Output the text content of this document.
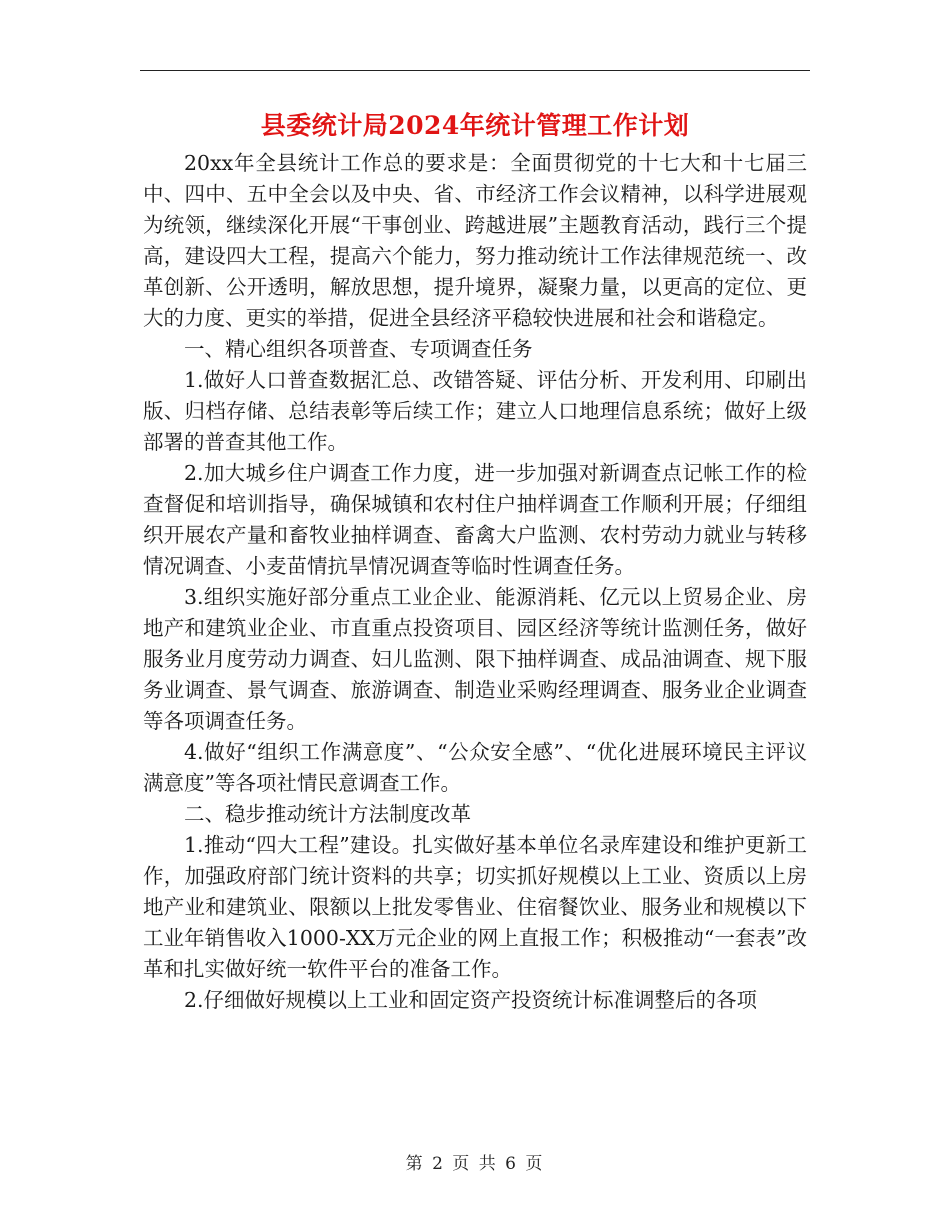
县委统计局2024年统计管理工作计划

20xx年全县统计工作总的要求是：全面贯彻党的十七大和十七届三中、四中、五中全会以及中央、省、市经济工作会议精神，以科学进展观为统领，继续深化开展“干事创业、跨越进展”主题教育活动，践行三个提高，建设四大工程，提高六个能力，努力推动统计工作法律规范统一、改革创新、公开透明，解放思想，提升境界，凝聚力量，以更高的定位、更大的力度、更实的举措，促进全县经济平稳较快进展和社会和谐稳定。

一、精心组织各项普查、专项调查任务

1.做好人口普查数据汇总、改错答疑、评估分析、开发利用、印刷出版、归档存储、总结表彰等后续工作；建立人口地理信息系统；做好上级部署的普查其他工作。

2.加大城乡住户调查工作力度，进一步加强对新调查点记帐工作的检查督促和培训指导，确保城镇和农村住户抽样调查工作顺利开展；仔细组织开展农产量和畜牧业抽样调查、畜禽大户监测、农村劳动力就业与转移情况调查、小麦苗情抗旱情况调查等临时性调查任务。

3.组织实施好部分重点工业企业、能源消耗、亿元以上贸易企业、房地产和建筑业企业、市直重点投资项目、园区经济等统计监测任务，做好服务业月度劳动力调查、妇儿监测、限下抽样调查、成品油调查、规下服务业调查、景气调查、旅游调查、制造业采购经理调查、服务业企业调查等各项调查任务。

4.做好“组织工作满意度”、“公众安全感”、“优化进展环境民主评议满意度”等各项社情民意调查工作。

二、稳步推动统计方法制度改革

1.推动“四大工程”建设。扎实做好基本单位名录库建设和维护更新工作，加强政府部门统计资料的共享；切实抓好规模以上工业、资质以上房地产业和建筑业、限额以上批发零售业、住宿餐饮业、服务业和规模以下工业年销售收入1000-XX万元企业的网上直报工作；积极推动“一套表”改革和扎实做好统一软件平台的准备工作。

2.仔细做好规模以上工业和固定资产投资统计标准调整后的各项

第 2 页 共 6 页
